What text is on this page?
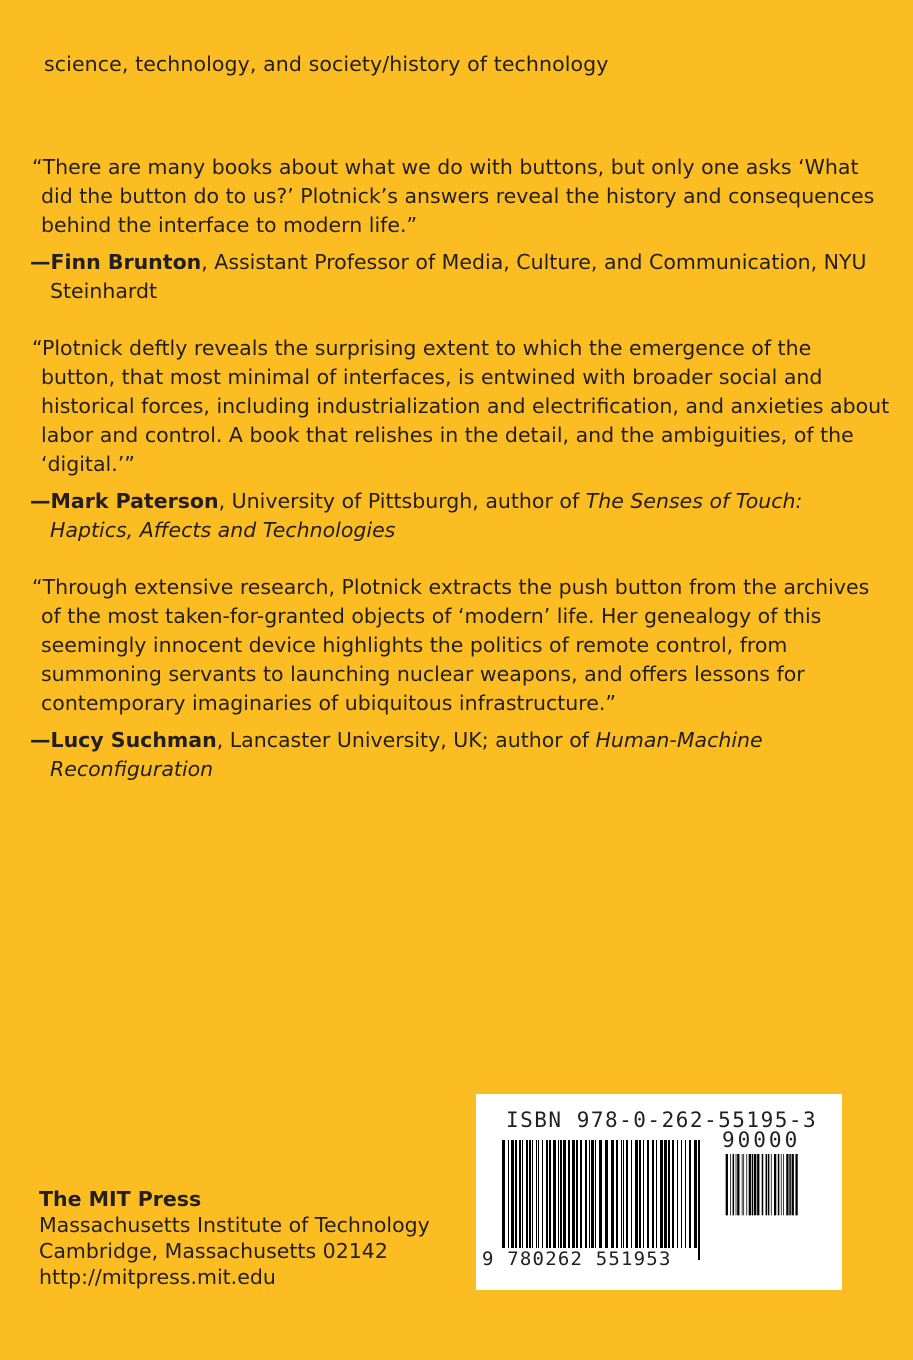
science, technology, and society/history of technology

“There are many books about what we do with buttons, but only one asks ‘What did the button do to us?’ Plotnick’s answers reveal the history and consequences behind the interface to modern life.”

—Finn Brunton, Assistant Professor of Media, Culture, and Communication, NYU Steinhardt

“Plotnick deftly reveals the surprising extent to which the emergence of the button, that most minimal of interfaces, is entwined with broader social and historical forces, including industrialization and electrification, and anxieties about labor and control. A book that relishes in the detail, and the ambiguities, of the ‘digital.’”

—Mark Paterson, University of Pittsburgh, author of The Senses of Touch: Haptics, Affects and Technologies

“Through extensive research, Plotnick extracts the push button from the archives of the most taken-for-granted objects of ‘modern’ life. Her genealogy of this seemingly innocent device highlights the politics of remote control, from summoning servants to launching nuclear weapons, and offers lessons for contemporary imaginaries of ubiquitous infrastructure.”

—Lucy Suchman, Lancaster University, UK; author of Human-Machine Reconfiguration

The MIT Press
Massachusetts Institute of Technology
Cambridge, Massachusetts 02142
http://mitpress.mit.edu
ISBN 978-0-262-55195-3
90000
9 780262 551953
